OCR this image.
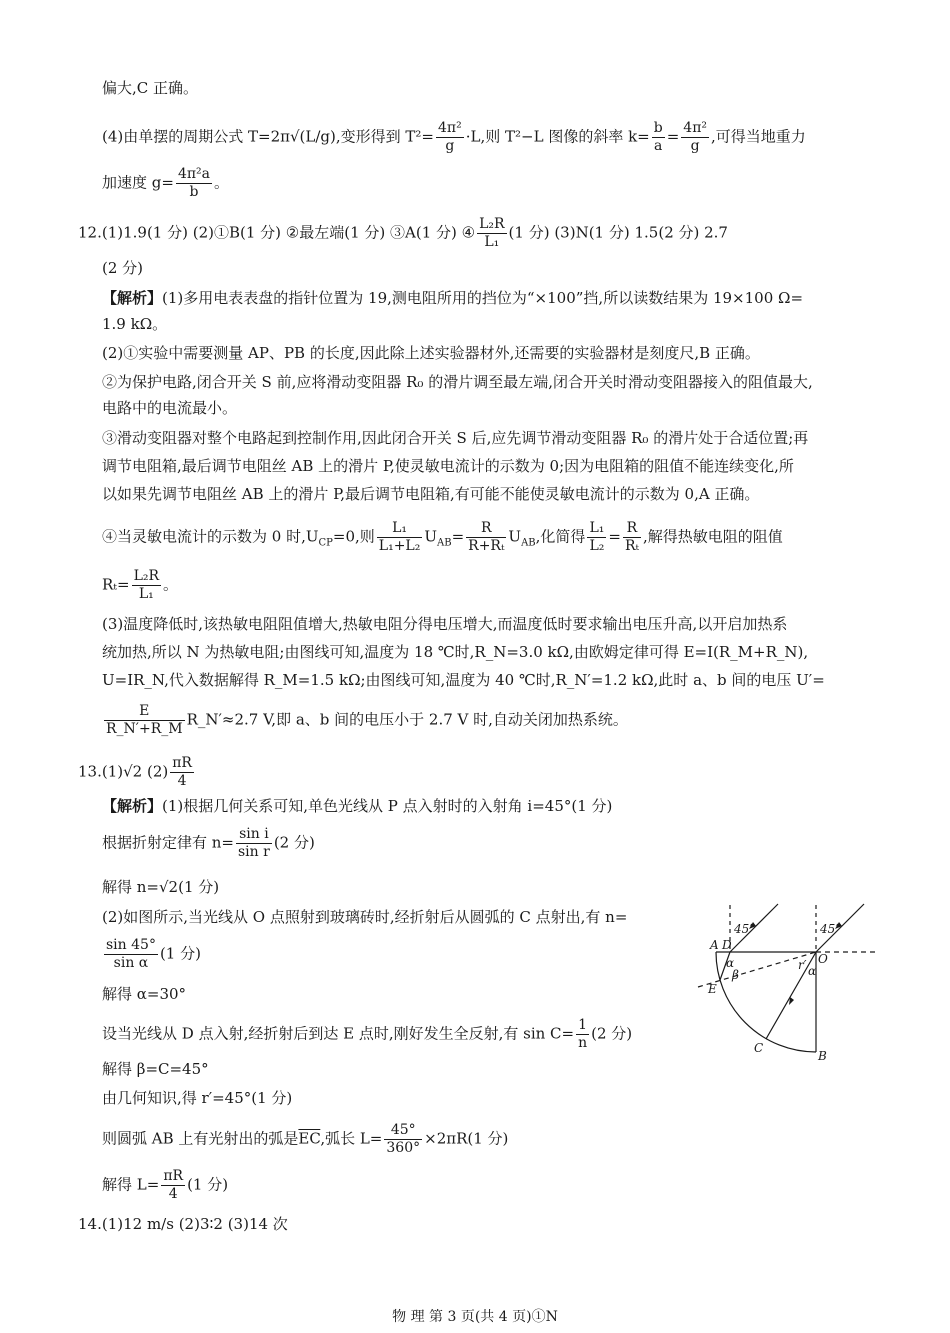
偏大,C 正确。
(4)由单摆的周期公式 T=2π√(L/g),变形得到 $T^2= \frac{\text{4π²}}{g} \cdot L$,则 T²−L 图像的斜率 $k= \frac{b}{a} = \frac{\text{4π²}}{g}$ ,可得当地重力
加速度 $g= \frac{\text{4π²a}}{b}$ 。
12.(1)1.9(1 分) (2)①B(1 分) ②最左端(1 分) ③A(1 分) ④ $\frac{\text{L₂R}}{\text{L₁}} (1$ 分) (3)N(1 分) 1.5(2 分) 2.7
(2 分)
【解析】(1)多用电表表盘的指针位置为 19,测电阻所用的挡位为“×100”挡,所以读数结果为 19×100 Ω=
1.9 kΩ。
(2)①实验中需要测量 AP、PB 的长度,因此除上述实验器材外,还需要的实验器材是刻度尺,B 正确。
②为保护电路,闭合开关 S 前,应将滑动变阻器 R₀ 的滑片调至最左端,闭合开关时滑动变阻器接入的阻值最大,
电路中的电流最小。
③滑动变阻器对整个电路起到控制作用,因此闭合开关 S 后,应先调节滑动变阻器 R₀ 的滑片处于合适位置;再
调节电阻箱,最后调节电阻丝 AB 上的滑片 P,使灵敏电流计的示数为 0;因为电阻箱的阻值不能连续变化,所
以如果先调节电阻丝 AB 上的滑片 P,最后调节电阻箱,有可能不能使灵敏电流计的示数为 0,A 正确。
④当灵敏电流计的示数为 0 时$,U_{CP}=0$,则 $\frac{\text{L₁}}{\text{L₁+L₂}} U_{AB}= \frac{R}{\text{R+Rₜ}} U_{AB}$,化简得 $\frac{\text{L₁}}{\text{L₂}} = \frac{R}{\text{Rₜ}}$ ,解得热敏电阻的阻值
$R_t= \frac{\text{L₂R}}{\text{L₁}}$ 。
(3)温度降低时,该热敏电阻阻值增大,热敏电阻分得电压增大,而温度低时要求输出电压升高,以开启加热系
统加热,所以 N 为热敏电阻;由图线可知,温度为 18 ℃时,R_N=3.0 kΩ,由欧姆定律可得 E=I(R_M+R_N),
U=IR_N,代入数据解得 R_M=1.5 kΩ;由图线可知,温度为 40 ℃时,R_N′=1.2 kΩ,此时 a、b 间的电压 U′=
$\frac{E}{R\_N'+R\_M}$ R_N′≈2.7 V,即 a、b 间的电压小于 2.7 V 时,自动关闭加热系统。
13.(1)√2 $(2) \frac{\pi R}{4}$
【解析】(1)根据几何关系可知,单色光线从 P 点入射时的入射角 i=45°(1 分)
根据折射定律有 $n= \frac{\text{sin i}}{\text{sin r}} (2$ 分)
解得 n=√2(1 分)
(2)如图所示,当光线从 O 点照射到玻璃砖时,经折射后从圆弧的 C 点射出,有 n=
$\frac{\sin 45^\circ}{\text{sin α}} (1$ 分)
解得 α=30°
设当光线从 D 点入射,经折射后到达 E 点时,刚好发生全反射,有 $\sin C= \frac{1}{n} (2$ 分)
解得 β=C=45°
由几何知识,得 r′=45°(1 分)
则圆弧 AB 上有光射出的弧是$\overline{EC}$,弧长 $L= \frac{45^\circ}{360^\circ} \times 2\pi R(1$ 分)
解得 $L= \frac{\pi R}{4} (1$ 分)
14.(1)12 m/s (2)3∶2 (3)14 次
45°	45°
A D
O
E
C
B
α
β
r′ α
物 理 第 3 页(共 4 页)①N
